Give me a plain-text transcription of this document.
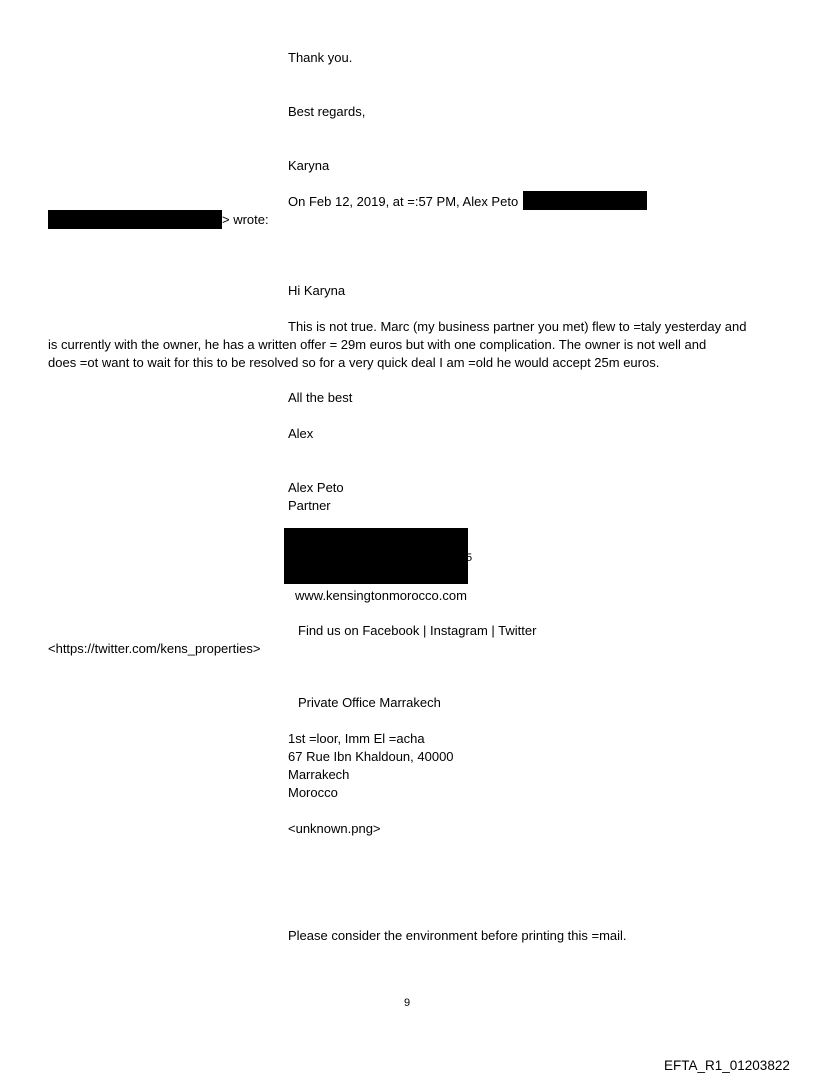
Thank you.
Best regards,
Karyna
On Feb 12, 2019, at =:57 PM, Alex Peto
> wrote:
Hi Karyna
This is not true. Marc (my business partner you met) flew to =taly yesterday and
is currently with the owner, he has a written offer = 29m euros but with one complication. The owner is not well and
does =ot want to wait for this to be resolved so for a very quick deal I am =old he would accept 25m euros.
All the best
Alex
Alex Peto
Partner
5
www.kensingtonmorocco.com
Find us on Facebook | Instagram | Twitter
<https://twitter.com/kens_properties>
Private Office Marrakech
1st =loor, Imm El =acha
67 Rue Ibn Khaldoun, 40000
Marrakech
Morocco
<unknown.png>
Please consider the environment before printing this =mail.
9
EFTA_R1_01203822
